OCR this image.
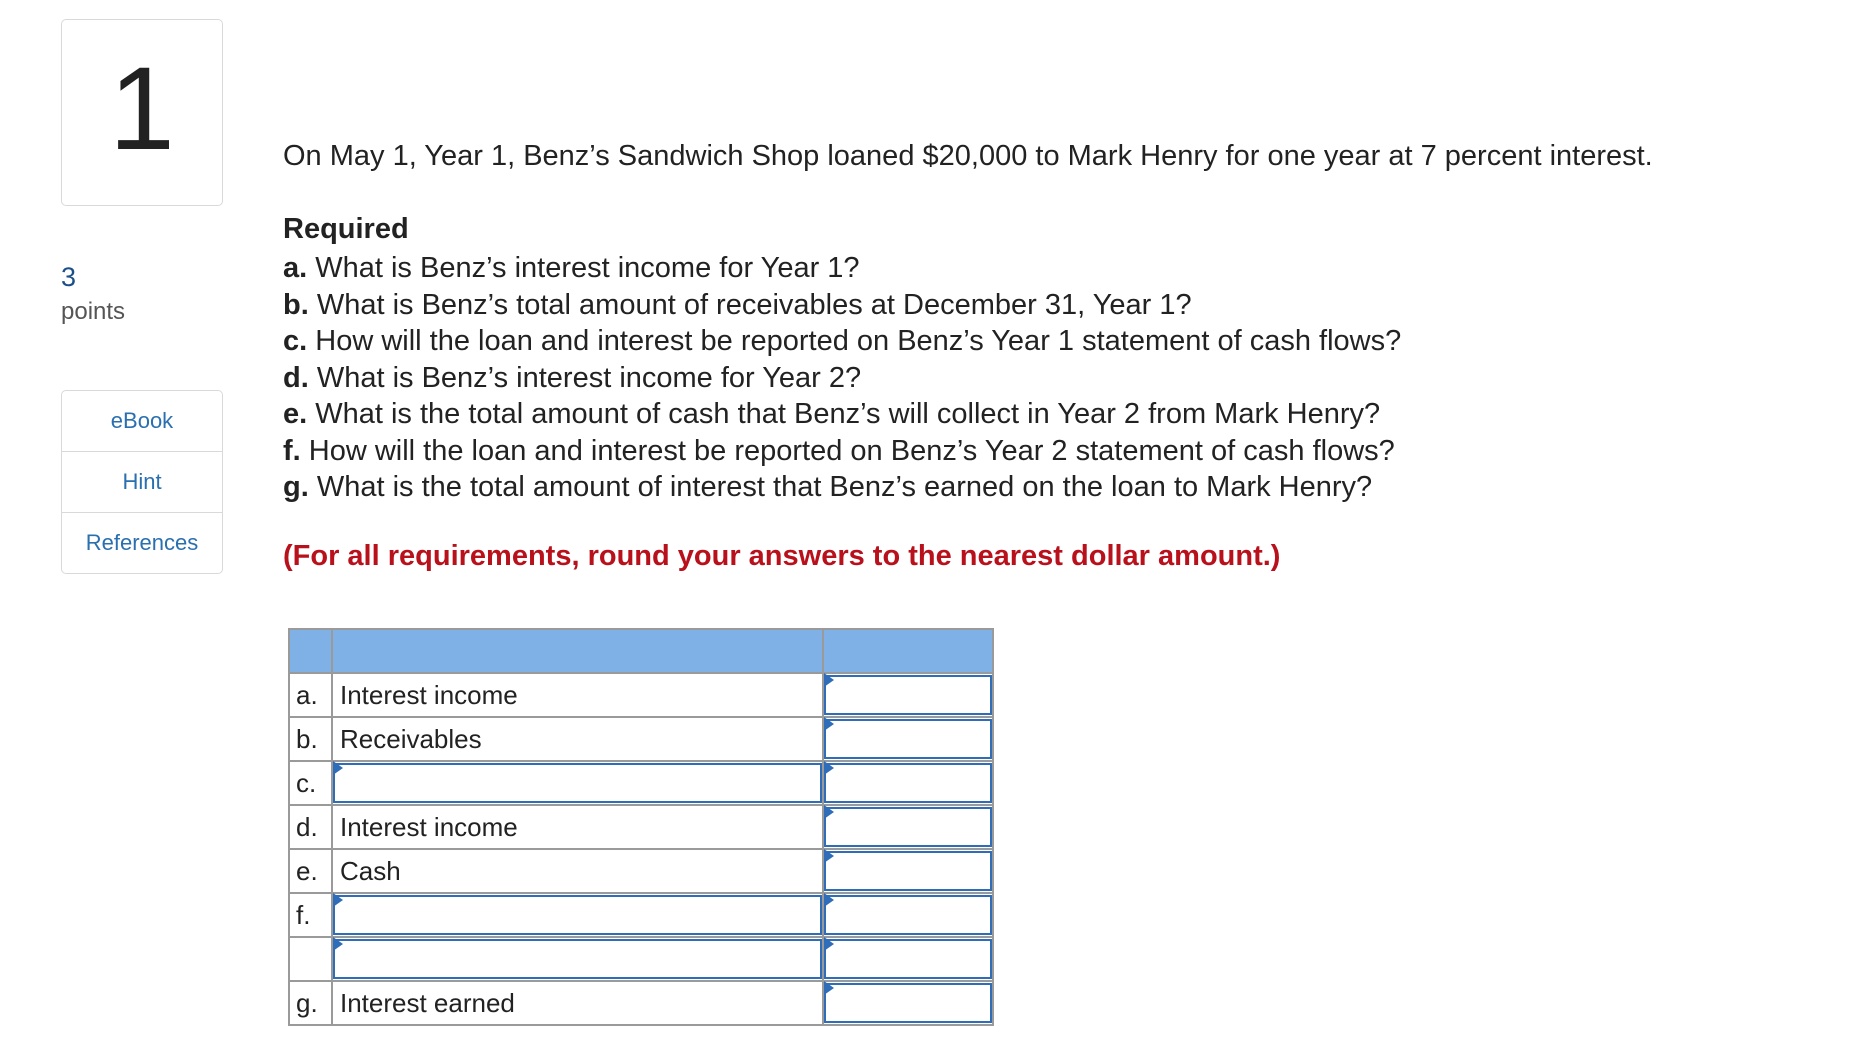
1
3
points
eBook
Hint
References
On May 1, Year 1, Benz’s Sandwich Shop loaned $20,000 to Mark Henry for one year at 7 percent interest.
Required
a. What is Benz’s interest income for Year 1?
b. What is Benz’s total amount of receivables at December 31, Year 1?
c. How will the loan and interest be reported on Benz’s Year 1 statement of cash flows?
d. What is Benz’s interest income for Year 2?
e. What is the total amount of cash that Benz’s will collect in Year 2 from Mark Henry?
f. How will the loan and interest be reported on Benz’s Year 2 statement of cash flows?
g. What is the total amount of interest that Benz’s earned on the loan to Mark Henry?
(For all requirements, round your answers to the nearest dollar amount.)

a.	Interest income	

b.	Receivables	

c.	

d.	Interest income	

e.	Cash	

f.	

g.	Interest earned	
